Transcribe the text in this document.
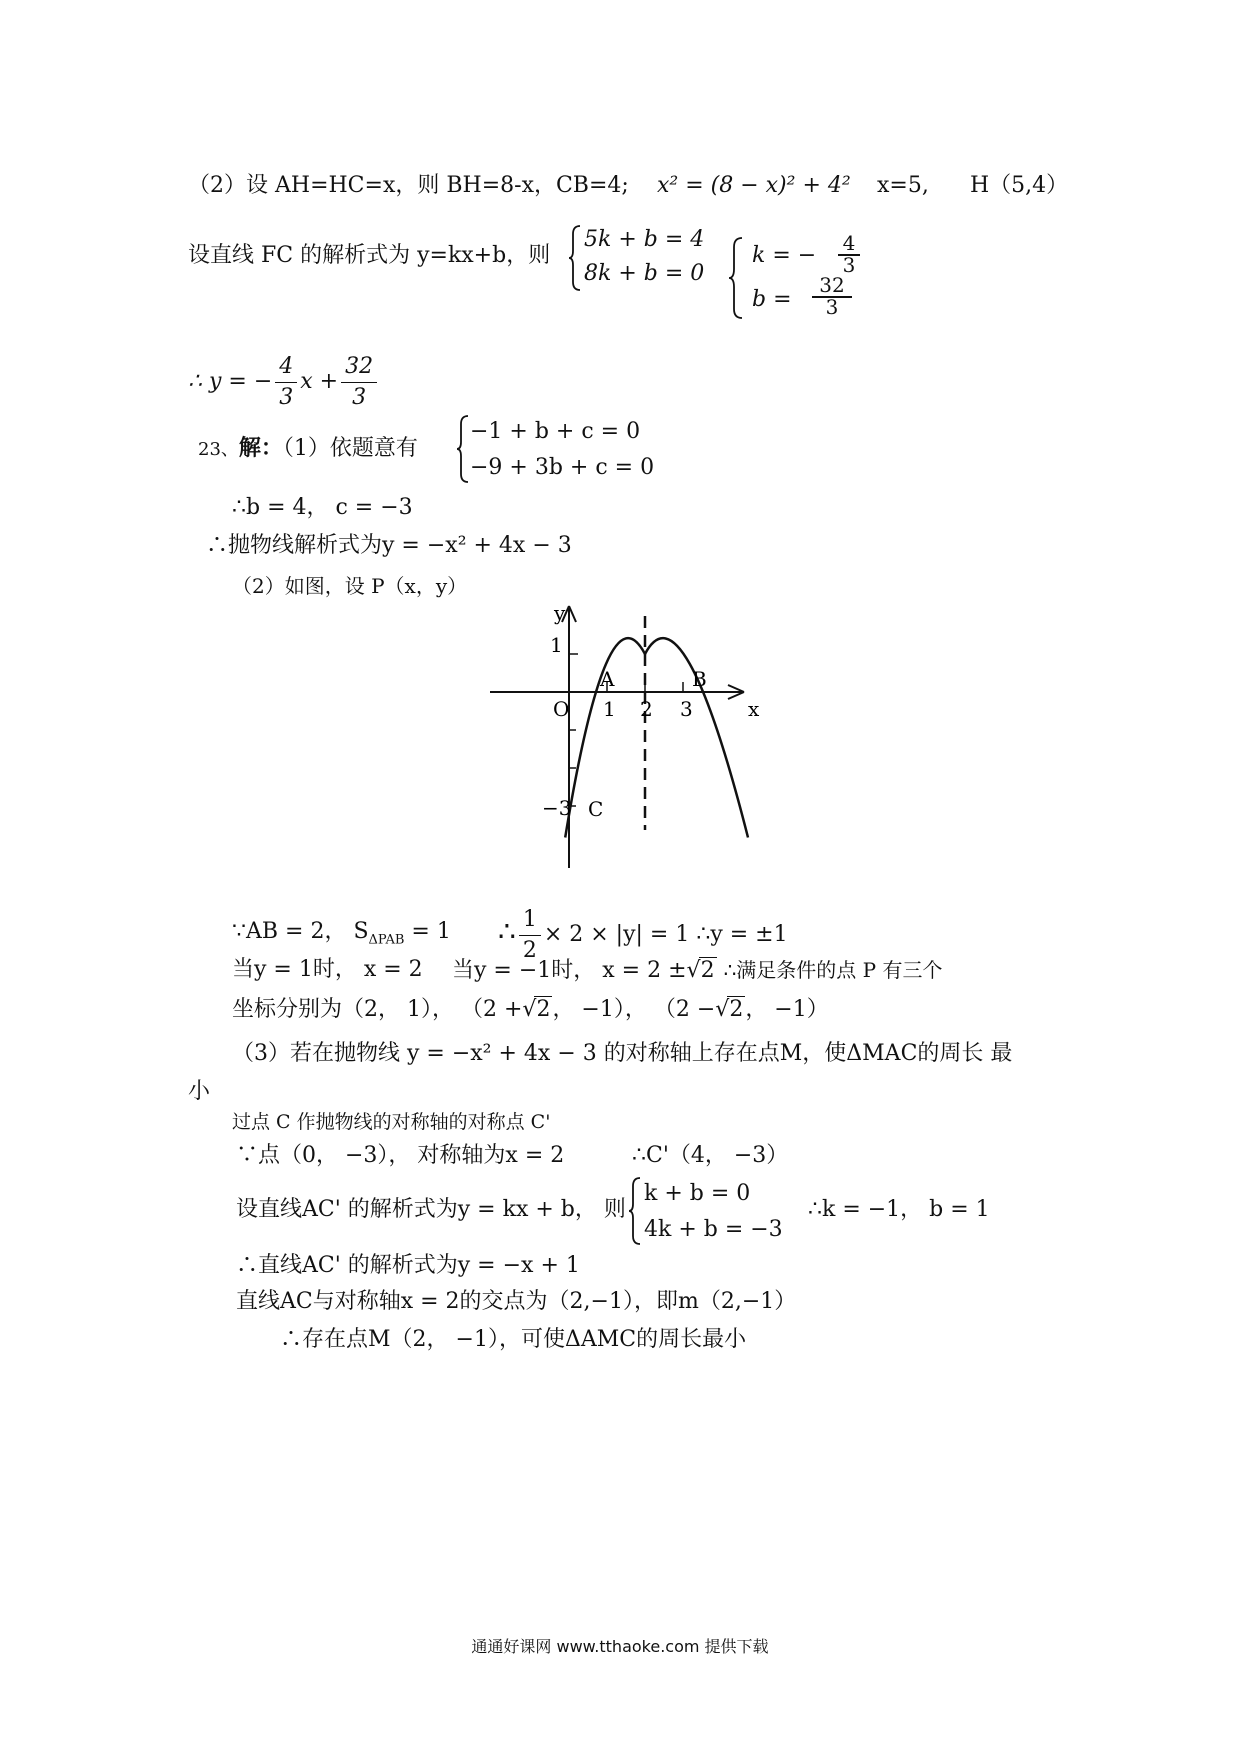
（2）设 AH=HC=x，则 BH=8-x，CB=4; x² = (8 − x)² + 4² x=5, H（5,4）
设直线 FC 的解析式为 y=kx+b，则
5k + b = 4
8k + b = 0
k = − 4
3
b =
32
3
∴ y = − $\frac{4}{3}$ $x + \frac{32}{3}$
23、解：（1）依题意有
−1 + b + c = 0
−9 + 3b + c = 0
∴b = 4， c = −3
∴抛物线解析式为y = −x² + 4x − 3
（2）如图，设 P（x，y）
y
x
O 1 2 3
1
−3
A	B
C
∵AB = 2， $S_{\Delta PAB} = 1$ ∴ $\frac{1}{2} \times 2 \times |y| = 1$ ∴y = ±1
当y = 1时， x = 2 当y = −1时， x = 2 ±√2 ∴满足条件的点 P 有三个
坐标分别为（2， 1）， （2 +√2， −1）， （2 −√2， −1）
（3）若在抛物线 y = −x² + 4x − 3 的对称轴上存在点M，使ΔMAC的周长 最
小
过点 C 作抛物线的对称轴的对称点 C'
∵点（0， −3）， 对称轴为x = 2	∴C'（4， −3）
设直线AC' 的解析式为y = kx + b， 则
k + b = 0
4k + b = −3
∴k = −1， b = 1
∴直线AC' 的解析式为y = −x + 1
直线AC与对称轴x = 2的交点为（2,−1），即m（2,−1）
∴存在点M（2， −1），可使ΔAMC的周长最小
通通好课网 www.tthaoke.com 提供下载
